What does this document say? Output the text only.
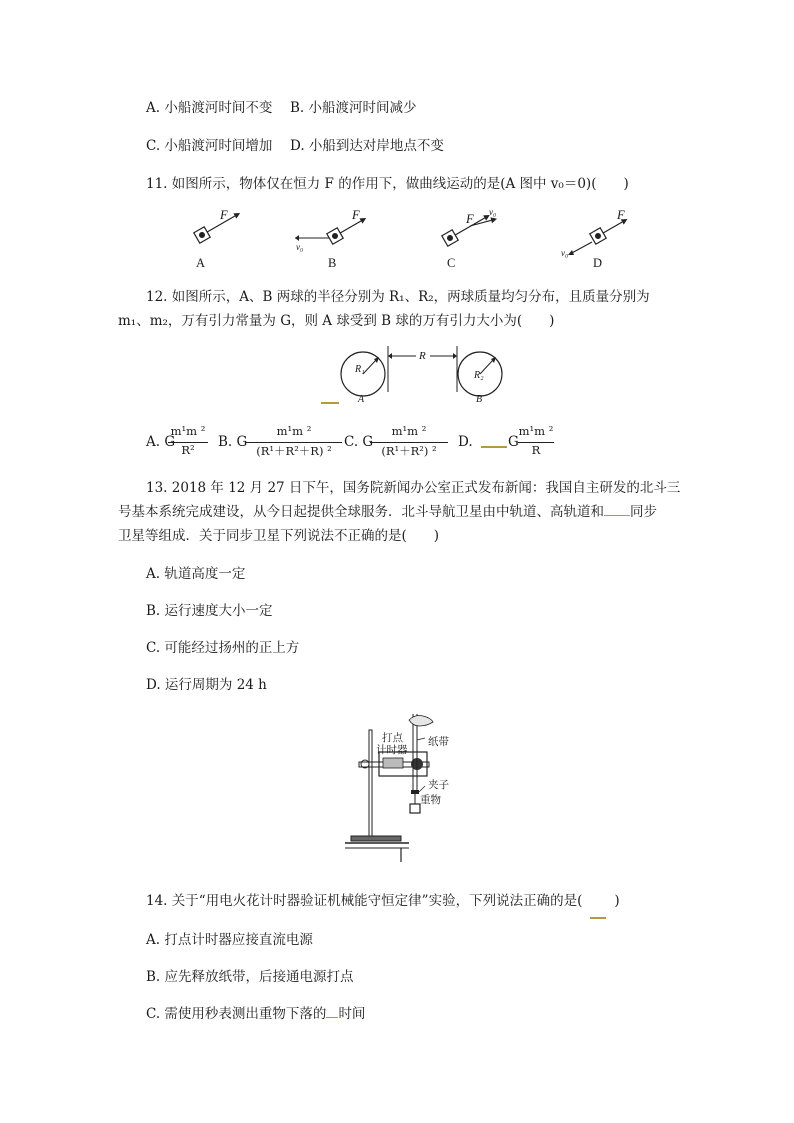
A. 小船渡河时间不变 B. 小船渡河时间减少
C. 小船渡河时间增加 D. 小船到达对岸地点不变
11. 如图所示，物体仅在恒力 F 的作用下，做曲线运动的是(A 图中 v₀＝0)(　　)
F
A
F
v₀
B
F v₀
C
F
v₀
D
12. 如图所示，A、B 两球的半径分别为 R₁、R₂，两球质量均匀分布，且质量分别为
m₁、m₂，万有引力常量为 G，则 A 球受到 B 球的万有引力大小为(　　)
R₁
R
R₂
A	B
A. G
m¹m ²
R²	B. G
m¹m ²
(R¹＋R²＋R) ²
C. G
m¹m ²
(R¹＋R²) ²
D.	G
m¹m ²
R
13. 2018 年 12 月 27 日下午，国务院新闻办公室正式发布新闻：我国自主研发的北斗三
号基本系统完成建设，从今日起提供全球服务．北斗导航卫星由中轨道、高轨道和 同步
卫星等组成．关于同步卫星下列说法不正确的是(　　)
A. 轨道高度一定
B. 运行速度大小一定
C. 可能经过扬州的正上方
D. 运行周期为 24 h
打点
计时器
纸带
夹子
重物
14. 关于“用电火花计时器验证机械能守恒定律”实验，下列说法正确的是( )
A. 打点计时器应接直流电源
B. 应先释放纸带，后接通电源打点
C. 需使用秒表测出重物下落的 时间
